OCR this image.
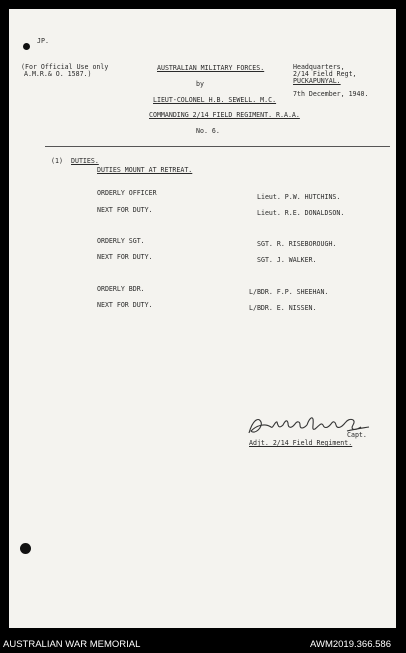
JP.
(For Official Use only
A.M.R.& O. 1587.)
AUSTRALIAN MILITARY FORCES.
by
LIEUT-COLONEL H.B. SEWELL. M.C.
COMMANDING 2/14 FIELD REGIMENT. R.A.A.
No. 6.
Headquarters,
2/14 Field Regt,
PUCKAPUNYAL.
7th December, 1940.
(1) DUTIES.
DUTIES MOUNT AT RETREAT.
ORDERLY OFFICER	Lieut. P.W. HUTCHINS.
NEXT FOR DUTY.	Lieut. R.E. DONALDSON.
ORDERLY SGT.	SGT. R. RISEBOROUGH.
NEXT FOR DUTY.	SGT. J. WALKER.
ORDERLY BDR.	L/BDR. F.P. SHEEHAN.
NEXT FOR DUTY.	L/BDR. E. NISSEN.
Capt.
Adjt. 2/14 Field Regiment.
AUSTRALIAN WAR MEMORIAL	AWM2019.366.586
